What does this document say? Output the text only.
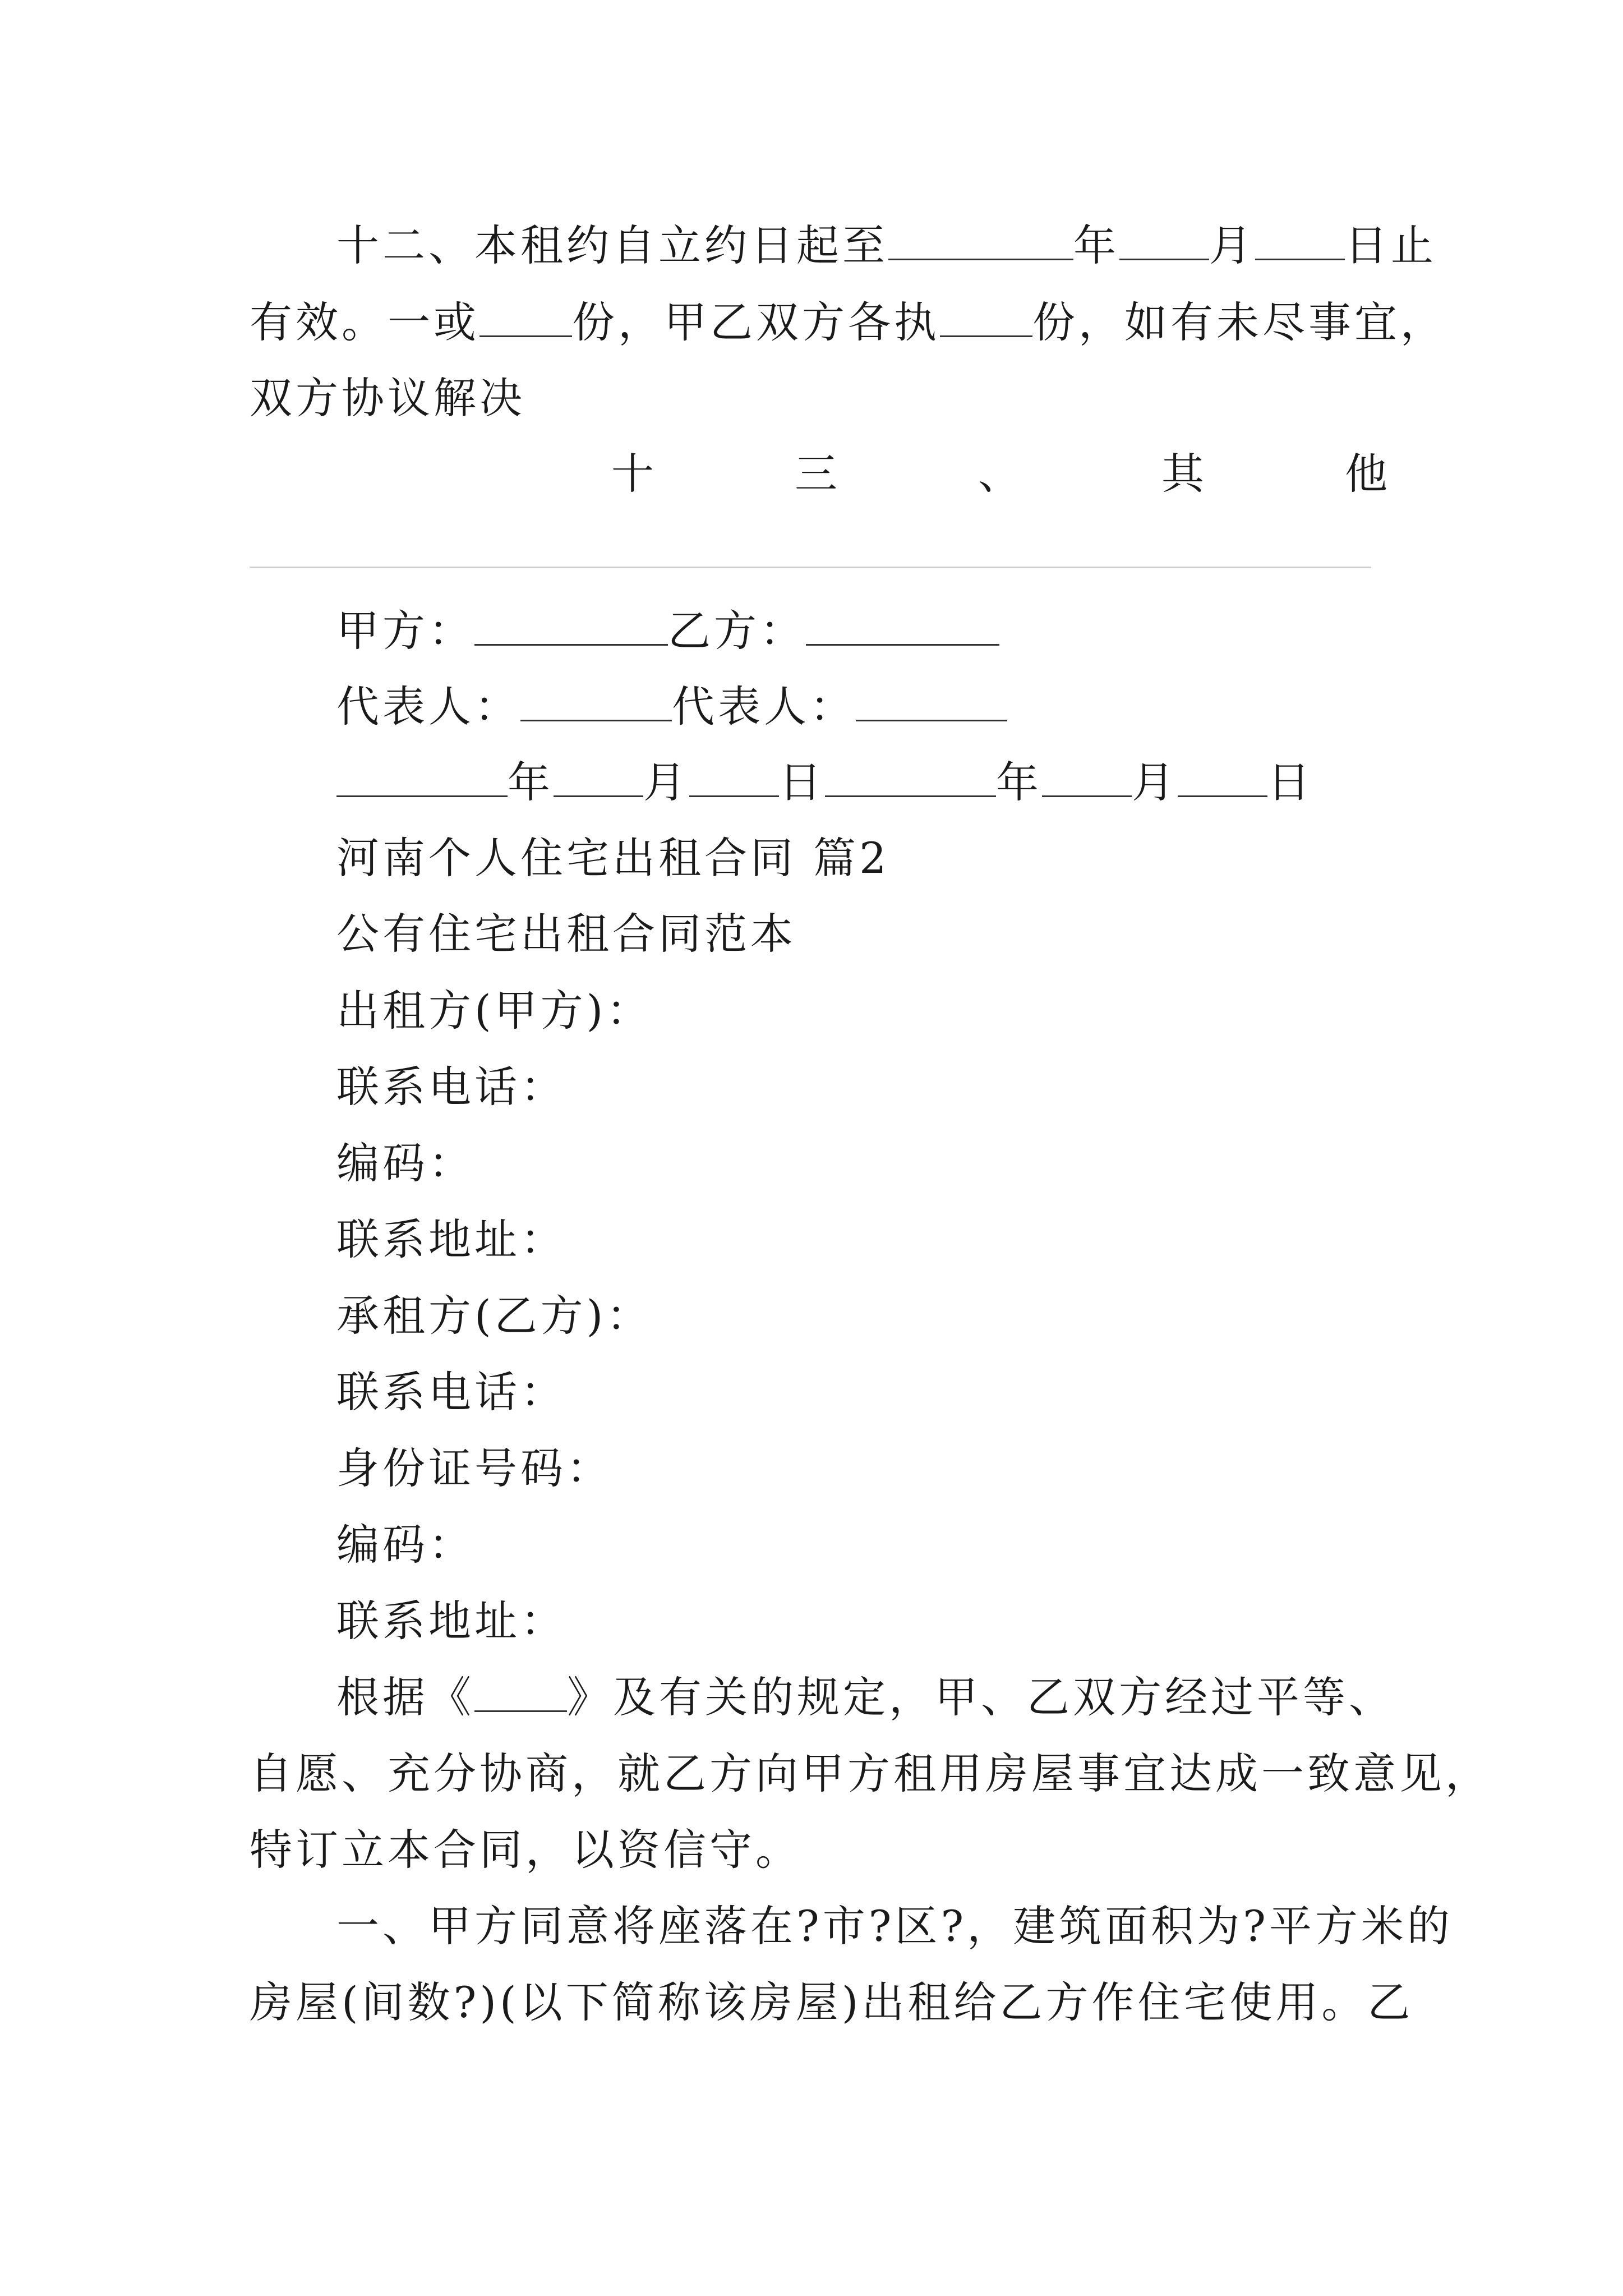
十二、本租约自立约日起至	年 月 日止
有效。一或 份，甲乙双方各执 份，如有未尽事宜，
双方协议解决
十	三	、	其	他
甲方：	乙方：
代表人：	代表人：
年 月 日	年 月 日
河南个人住宅出租合同 篇2
公有住宅出租合同范本
出租方(甲方)：
联系电话：
编码：
联系地址：
承租方(乙方)：
联系电话：
身份证号码：
编码：
联系地址：
根据《 》及有关的规定，甲、乙双方经过平等、
自愿、充分协商，就乙方向甲方租用房屋事宜达成一致意见，
特订立本合同，以资信守。
一、甲方同意将座落在?市?区?，建筑面积为?平方米的
房屋(间数?)(以下简称该房屋)出租给乙方作住宅使用。乙
